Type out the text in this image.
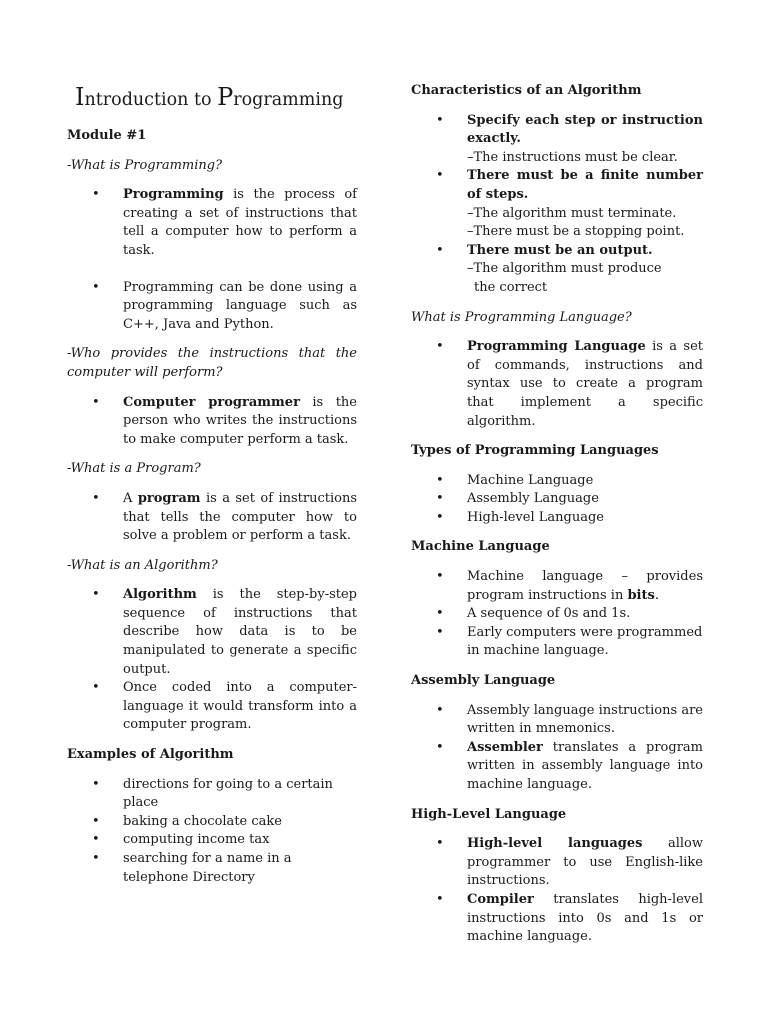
Introduction to Programming

Module #1

-What is Programming?

• Programming is the process of creating a set of instructions that tell a computer how to perform a task.
• Programming can be done using a programming language such as C++, Java and Python.

-Who provides the instructions that the computer will perform?

• Computer programmer is the person who writes the instructions to make computer perform a task.

-What is a Program?

• A program is a set of instructions that tells the computer how to solve a problem or perform a task.

-What is an Algorithm?

• Algorithm is the step-by-step sequence of instructions that describe how data is to be manipulated to generate a specific output.
• Once coded into a computer-language it would transform into a computer program.

Examples of Algorithm

• directions for going to a certain place
• baking a chocolate cake
• computing income tax
• searching for a name in a telephone Directory

Characteristics of an Algorithm

• Specify each step or instruction exactly.
–The instructions must be clear.
• There must be a finite number of steps.
–The algorithm must terminate.
–There must be a stopping point.
• There must be an output.
–The algorithm must produce
the correct

What is Programming Language?

• Programming Language is a set of commands, instructions and syntax use to create a program that implement a specific algorithm.

Types of Programming Languages

• Machine Language
• Assembly Language
• High-level Language

Machine Language

• Machine language – provides program instructions in bits.
• A sequence of 0s and 1s.
• Early computers were programmed in machine language.

Assembly Language

• Assembly language instructions are written in mnemonics.
• Assembler translates a program written in assembly language into machine language.

High-Level Language

• High-level languages allow programmer to use English-like instructions.
• Compiler translates high-level instructions into 0s and 1s or machine language.
